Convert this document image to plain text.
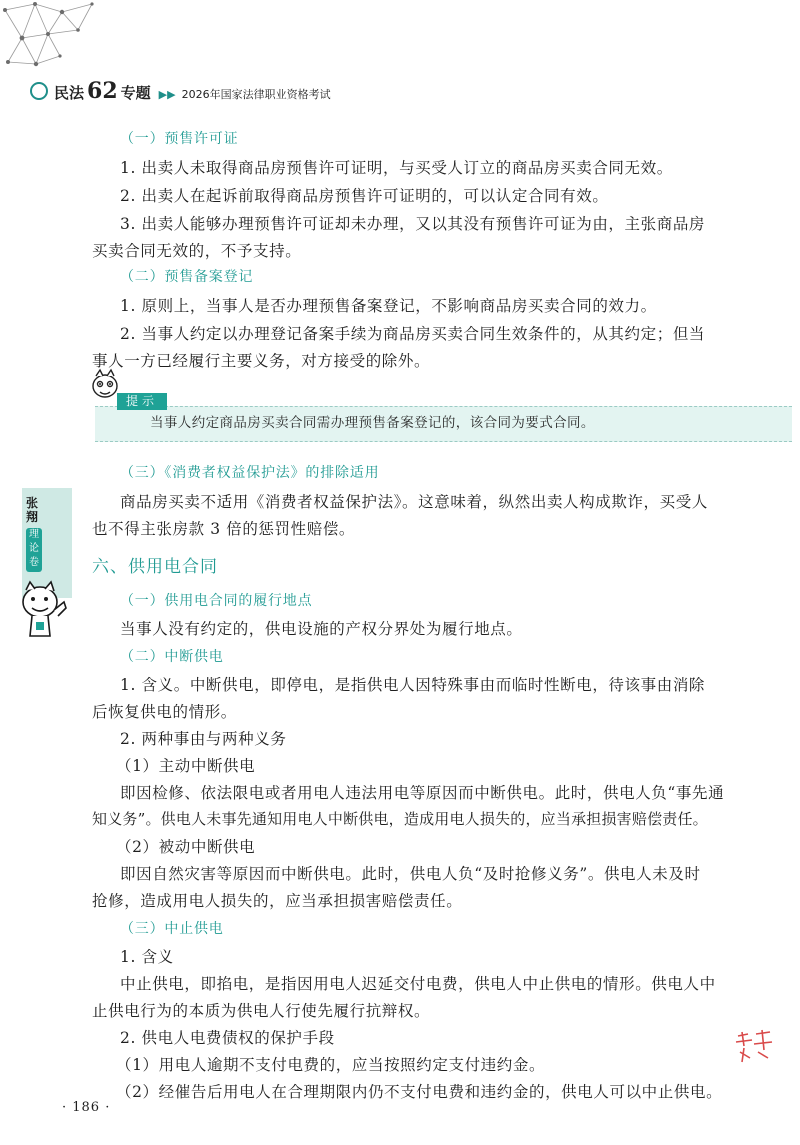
民法 62 专题 ▶▶ 2026年国家法律职业资格考试
（一）预售许可证
1. 出卖人未取得商品房预售许可证明，与买受人订立的商品房买卖合同无效。
2. 出卖人在起诉前取得商品房预售许可证明的，可以认定合同有效。
3. 出卖人能够办理预售许可证却未办理，又以其没有预售许可证为由，主张商品房
买卖合同无效的，不予支持。
（二）预售备案登记
1. 原则上，当事人是否办理预售备案登记，不影响商品房买卖合同的效力。
2. 当事人约定以办理登记备案手续为商品房买卖合同生效条件的，从其约定；但当
事人一方已经履行主要义务，对方接受的除外。
提示
当事人约定商品房买卖合同需办理预售备案登记的，该合同为要式合同。
（三）《消费者权益保护法》的排除适用
商品房买卖不适用《消费者权益保护法》。这意味着，纵然出卖人构成欺诈，买受人
也不得主张房款 3 倍的惩罚性赔偿。
张翔
理论卷	六、供用电合同
（一）供用电合同的履行地点
当事人没有约定的，供电设施的产权分界处为履行地点。
（二）中断供电
1. 含义。中断供电，即停电，是指供电人因特殊事由而临时性断电，待该事由消除
后恢复供电的情形。
2. 两种事由与两种义务
（1）主动中断供电
即因检修、依法限电或者用电人违法用电等原因而中断供电。此时，供电人负“事先通
知义务”。供电人未事先通知用电人中断供电，造成用电人损失的，应当承担损害赔偿责任。
（2）被动中断供电
即因自然灾害等原因而中断供电。此时，供电人负“及时抢修义务”。供电人未及时
抢修，造成用电人损失的，应当承担损害赔偿责任。
（三）中止供电
1. 含义
中止供电，即掐电，是指因用电人迟延交付电费，供电人中止供电的情形。供电人中
止供电行为的本质为供电人行使先履行抗辩权。
2. 供电人电费债权的保护手段
（1）用电人逾期不支付电费的，应当按照约定支付违约金。
（2）经催告后用电人在合理期限内仍不支付电费和违约金的，供电人可以中止供电。
· 186 ·
